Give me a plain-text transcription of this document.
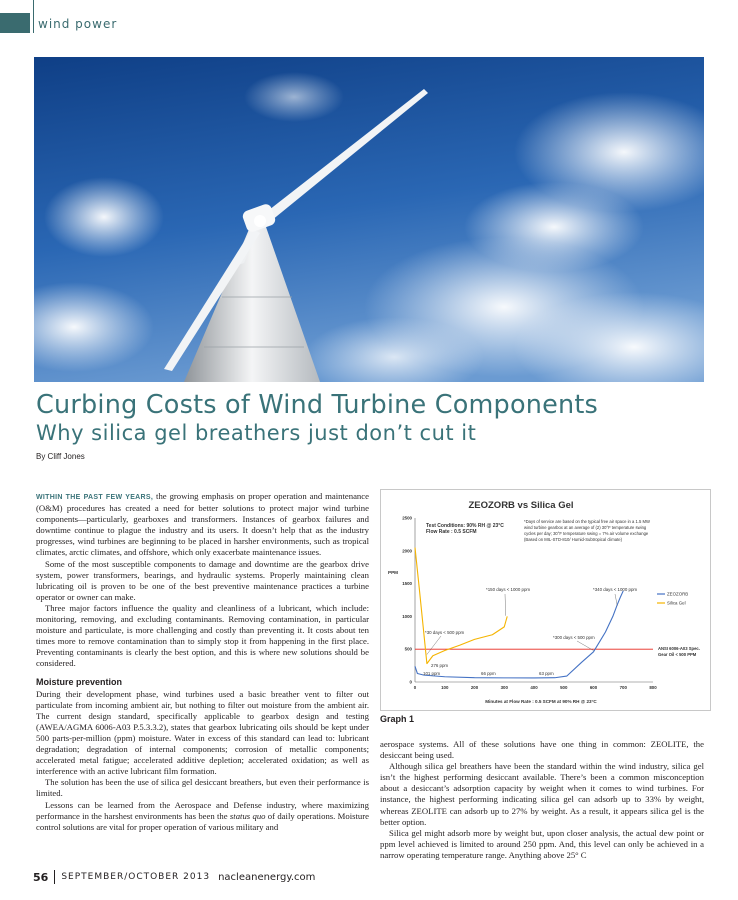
wind power
Curbing Costs of Wind Turbine Components
Why silica gel breathers just don’t cut it
By Cliff Jones

WITHIN THE PAST FEW YEARS, the growing emphasis on proper operation and maintenance (O&M) procedures has created a need for better solutions to protect major wind turbine components—particularly, gearboxes and transformers. Instances of gearbox failures and downtime continue to plague the industry and its users. It doesn’t help that as the industry progresses, wind turbines are beginning to be placed in harsher environments, such as tropical climates, arctic climates, and offshore, which only exacerbate maintenance issues.

Some of the most susceptible components to damage and downtime are the gearbox drive system, power transformers, bearings, and hydraulic systems. Properly maintaining clean lubricating oil is proven to be one of the best preventive maintenance practices a turbine operator or owner can make.

Three major factors influence the quality and cleanliness of a lubricant, which include: monitoring, removing, and excluding contaminants. Removing contamination, in particular moisture and particulate, is more challenging and costly than preventing it. It costs about ten times more to remove contamination than to simply stop it from happening in the first place. Preventing contaminants is clearly the best option, and this is where new solutions should be considered.

Moisture prevention

During their development phase, wind turbines used a basic breather vent to filter out particulate from incoming ambient air, but nothing to filter out moisture from the ambient air. The current design standard, specifically applicable to gearbox design and testing (AWEA/AGMA 6006-A03 P.5.3.3.2), states that gearbox lubricating oils should be kept under 500 parts-per-million (ppm) moisture. Water in excess of this standard can lead to: lubricant degradation; degradation of internal components; corrosion of metallic components; accelerated metal fatigue; accelerated additive depletion; accelerated oxidation; as well as interference with an active lubricant film formation.

The solution has been the use of silica gel desiccant breathers, but even their performance is limited.

Lessons can be learned from the Aerospace and Defense industry, where maximizing performance in the harshest environments has been the status quo of daily operations. Moisture control solutions are vital for proper operation of various military and

ZEOZORB vs Silica Gel
0	100	200	300	400	500	600	700	800
0
500
1000
1500
2000
2500
ZEOZORB
Silica Gel
Test Conditions: 90% RH @ 23°C
Flow Rate : 0.5 SCFM
*Days of service are based on the typical free air space in a 1.5 MW
wind turbine gearbox at an average of (2) 30°F temperature swing
cycles per day; 30°F temperature swing = 7% air volume exchange
(Based on MIL-STD-810/ Humid-Subtropical climate)
ANSI 6006-A03 Spec.
Gear Oil < 500 PPM
*30 days < 500 ppm
*150 days < 1000 ppm
*300 days < 500 ppm
*340 days < 1000 ppm
276 ppm
101 ppm	66 ppm	63 ppm
Minutes at Flow Rate : 0.5 SCFM at 90% RH @ 23°C
PPM
Graph 1

aerospace systems. All of these solutions have one thing in common: ZEOLITE, the desiccant being used.

Although silica gel breathers have been the standard within the wind industry, silica gel isn’t the highest performing desiccant available. There’s been a common misconception about a desiccant’s adsorption capacity by weight when it comes to wind turbines. For instance, the highest performing indicating silica gel can adsorb up to 33% by weight, whereas ZEOLITE can adsorb up to 27% by weight. As a result, it appears silica gel is the better option.

Silica gel might adsorb more by weight but, upon closer analysis, the actual dew point or ppm level achieved is limited to around 250 ppm. And, this level can only be achieved in a narrow operating temperature range. Anything above 25° C

56 SEPTEMBER/OCTOBER 2013 nacleanenergy.com
